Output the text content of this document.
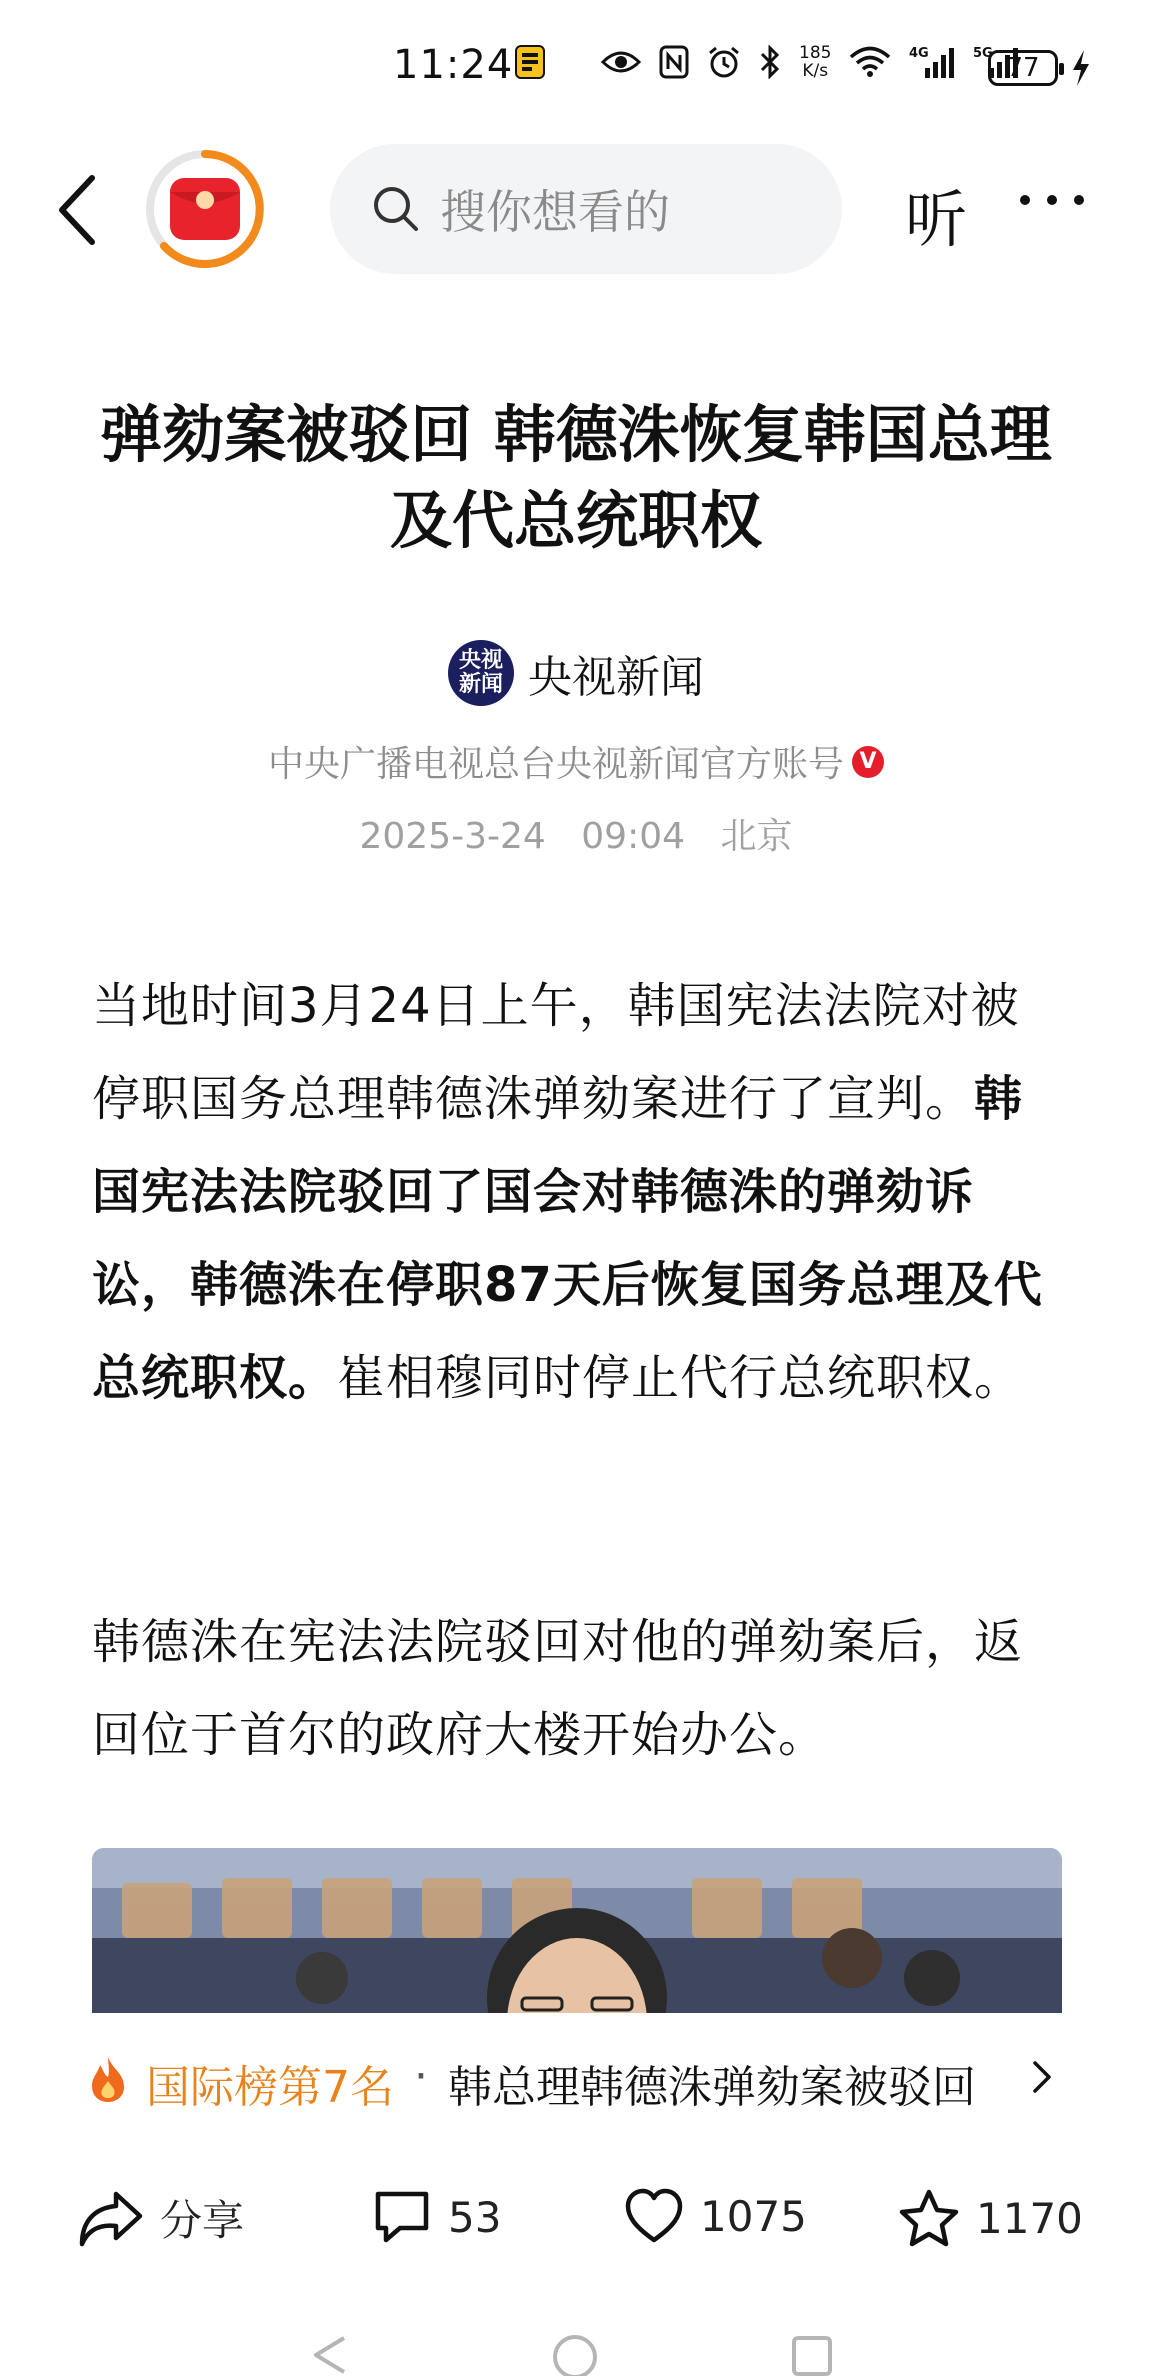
11:24	185
K/s
4G	5G 77
搜你想看的	听
弹劾案被驳回 韩德洙恢复韩国总理及代总统职权
央视
新闻 央视新闻
中央广播电视总台央视新闻官方账号 V
2025-3-24 09:04 北京

当地时间3月24日上午，韩国宪法法院对被停职国务总理韩德洙弹劾案进行了宣判。韩国宪法法院驳回了国会对韩德洙的弹劾诉讼，韩德洙在停职87天后恢复国务总理及代总统职权。崔相穆同时停止代行总统职权。

韩德洙在宪法法院驳回对他的弹劾案后，返回位于首尔的政府大楼开始办公。

国际榜第7名 · 韩总理韩德洙弹劾案被驳回
分享	53	1075	1170
